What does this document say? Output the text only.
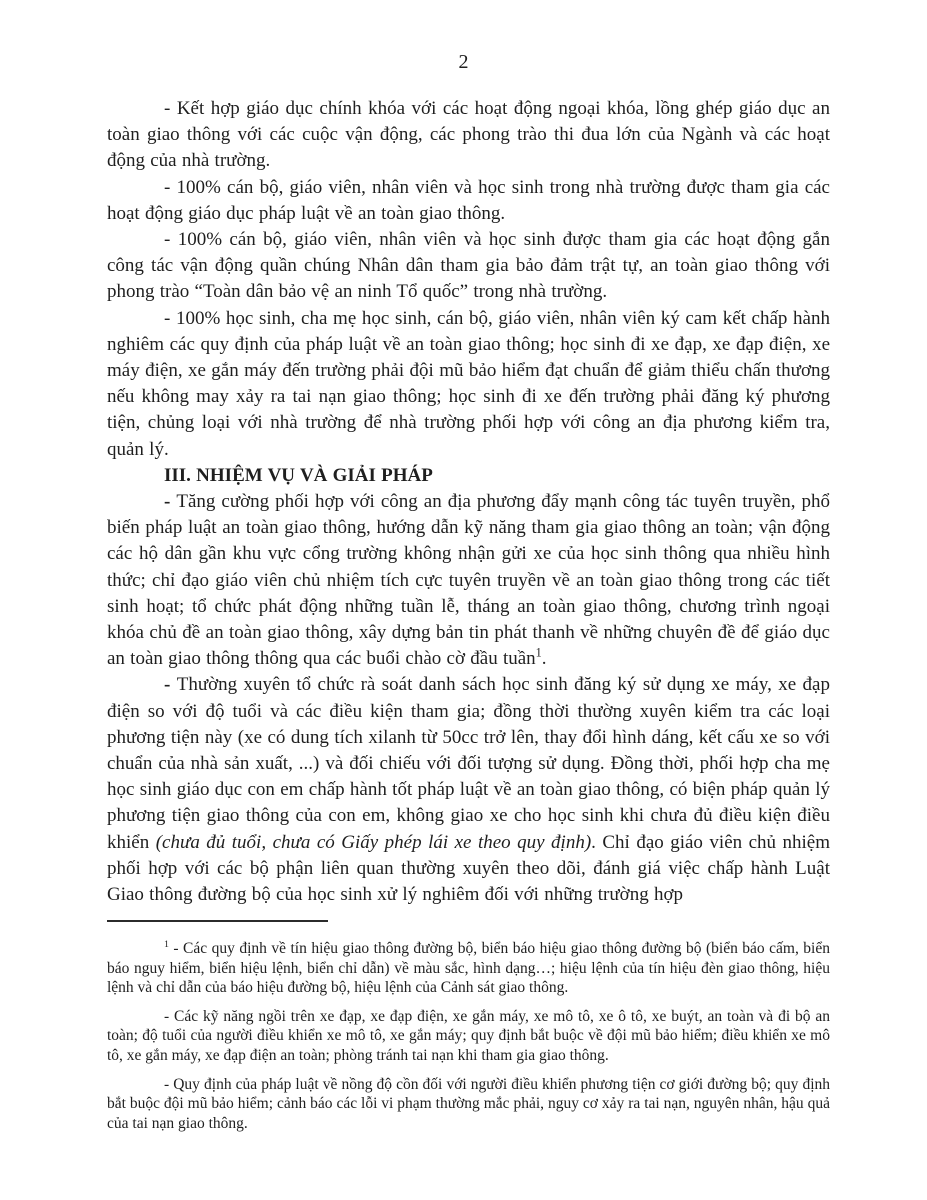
2

- Kết hợp giáo dục chính khóa với các hoạt động ngoại khóa, lồng ghép giáo dục an toàn giao thông với các cuộc vận động, các phong trào thi đua lớn của Ngành và các hoạt động của nhà trường.

- 100% cán bộ, giáo viên, nhân viên và học sinh trong nhà trường được tham gia các hoạt động giáo dục pháp luật về an toàn giao thông.

- 100% cán bộ, giáo viên, nhân viên và học sinh được tham gia các hoạt động gắn công tác vận động quần chúng Nhân dân tham gia bảo đảm trật tự, an toàn giao thông với phong trào “Toàn dân bảo vệ an ninh Tổ quốc” trong nhà trường.

- 100% học sinh, cha mẹ học sinh, cán bộ, giáo viên, nhân viên ký cam kết chấp hành nghiêm các quy định của pháp luật về an toàn giao thông; học sinh đi xe đạp, xe đạp điện, xe máy điện, xe gắn máy đến trường phải đội mũ bảo hiểm đạt chuẩn để giảm thiểu chấn thương nếu không may xảy ra tai nạn giao thông; học sinh đi xe đến trường phải đăng ký phương tiện, chủng loại với nhà trường để nhà trường phối hợp với công an địa phương kiểm tra, quản lý.

III. NHIỆM VỤ VÀ GIẢI PHÁP

- Tăng cường phối hợp với công an địa phương đẩy mạnh công tác tuyên truyền, phổ biến pháp luật an toàn giao thông, hướng dẫn kỹ năng tham gia giao thông an toàn; vận động các hộ dân gần khu vực cổng trường không nhận gửi xe của học sinh thông qua nhiều hình thức; chỉ đạo giáo viên chủ nhiệm tích cực tuyên truyền về an toàn giao thông trong các tiết sinh hoạt; tổ chức phát động những tuần lễ, tháng an toàn giao thông, chương trình ngoại khóa chủ đề an toàn giao thông, xây dựng bản tin phát thanh về những chuyên đề để giáo dục an toàn giao thông thông qua các buổi chào cờ đầu tuần$^1$.

- Thường xuyên tổ chức rà soát danh sách học sinh đăng ký sử dụng xe máy, xe đạp điện so với độ tuổi và các điều kiện tham gia; đồng thời thường xuyên kiểm tra các loại phương tiện này (xe có dung tích xilanh từ 50cc trở lên, thay đổi hình dáng, kết cấu xe so với chuẩn của nhà sản xuất, ...) và đối chiếu với đối tượng sử dụng. Đồng thời, phối hợp cha mẹ học sinh giáo dục con em chấp hành tốt pháp luật về an toàn giao thông, có biện pháp quản lý phương tiện giao thông của con em, không giao xe cho học sinh khi chưa đủ điều kiện điều khiển (chưa đủ tuổi, chưa có Giấy phép lái xe theo quy định). Chỉ đạo giáo viên chủ nhiệm phối hợp với các bộ phận liên quan thường xuyên theo dõi, đánh giá việc chấp hành Luật Giao thông đường bộ của học sinh xử lý nghiêm đối với những trường hợp

$^1$ - Các quy định về tín hiệu giao thông đường bộ, biển báo hiệu giao thông đường bộ (biển báo cấm, biển báo nguy hiểm, biển hiệu lệnh, biển chỉ dẫn) về màu sắc, hình dạng…; hiệu lệnh của tín hiệu đèn giao thông, hiệu lệnh và chỉ dẫn của báo hiệu đường bộ, hiệu lệnh của Cảnh sát giao thông.

- Các kỹ năng ngồi trên xe đạp, xe đạp điện, xe gắn máy, xe mô tô, xe ô tô, xe buýt, an toàn và đi bộ an toàn; độ tuổi của người điều khiển xe mô tô, xe gắn máy; quy định bắt buộc về đội mũ bảo hiểm; điều khiển xe mô tô, xe gắn máy, xe đạp điện an toàn; phòng tránh tai nạn khi tham gia giao thông.

- Quy định của pháp luật về nồng độ cồn đối với người điều khiển phương tiện cơ giới đường bộ; quy định bắt buộc đội mũ bảo hiểm; cảnh báo các lỗi vi phạm thường mắc phải, nguy cơ xảy ra tai nạn, nguyên nhân, hậu quả của tai nạn giao thông.
